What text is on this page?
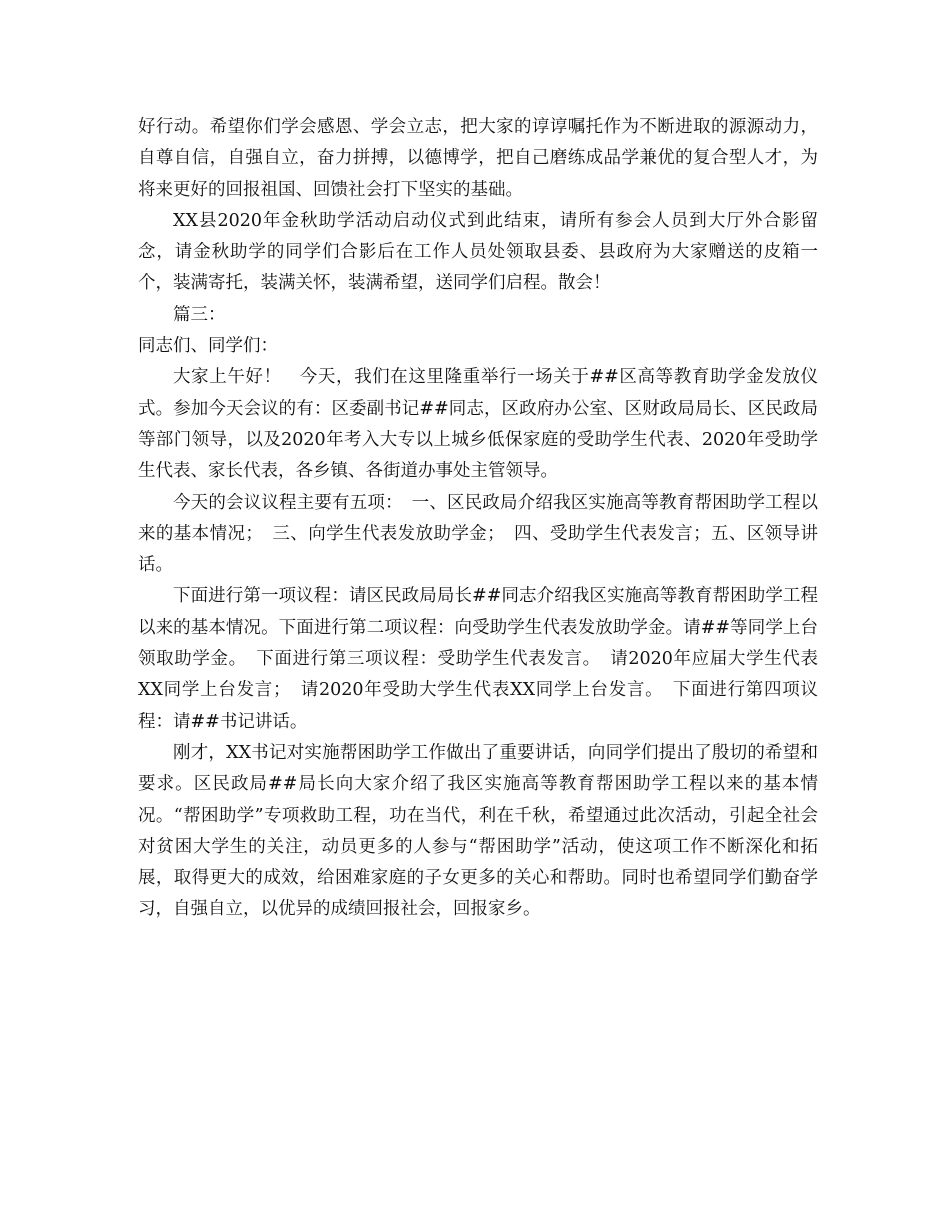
好行动。希望你们学会感恩、学会立志，把大家的谆谆嘱托作为不断进取的源源动力，自尊自信，自强自立，奋力拼搏，以德博学，把自己磨练成品学兼优的复合型人才，为将来更好的回报祖国、回馈社会打下坚实的基础。

XX县2020年金秋助学活动启动仪式到此结束，请所有参会人员到大厅外合影留念，请金秋助学的同学们合影后在工作人员处领取县委、县政府为大家赠送的皮箱一个，装满寄托，装满关怀，装满希望，送同学们启程。散会！

篇三：

同志们、同学们：

大家上午好！　今天，我们在这里隆重举行一场关于##区高等教育助学金发放仪式。参加今天会议的有：区委副书记##同志，区政府办公室、区财政局局长、区民政局等部门领导，以及2020年考入大专以上城乡低保家庭的受助学生代表、2020年受助学生代表、家长代表，各乡镇、各街道办事处主管领导。

今天的会议议程主要有五项：　一、区民政局介绍我区实施高等教育帮困助学工程以来的基本情况；　三、向学生代表发放助学金；　四、受助学生代表发言；五、区领导讲话。

下面进行第一项议程：请区民政局局长##同志介绍我区实施高等教育帮困助学工程以来的基本情况。下面进行第二项议程：向受助学生代表发放助学金。请##等同学上台领取助学金。　下面进行第三项议程：受助学生代表发言。　请2020年应届大学生代表XX同学上台发言；　请2020年受助大学生代表XX同学上台发言。　下面进行第四项议程：请##书记讲话。

刚才，XX书记对实施帮困助学工作做出了重要讲话，向同学们提出了殷切的希望和要求。区民政局##局长向大家介绍了我区实施高等教育帮困助学工程以来的基本情况。“帮困助学”专项救助工程，功在当代，利在千秋，希望通过此次活动，引起全社会对贫困大学生的关注，动员更多的人参与“帮困助学”活动，使这项工作不断深化和拓展，取得更大的成效，给困难家庭的子女更多的关心和帮助。同时也希望同学们勤奋学习，自强自立，以优异的成绩回报社会，回报家乡。
